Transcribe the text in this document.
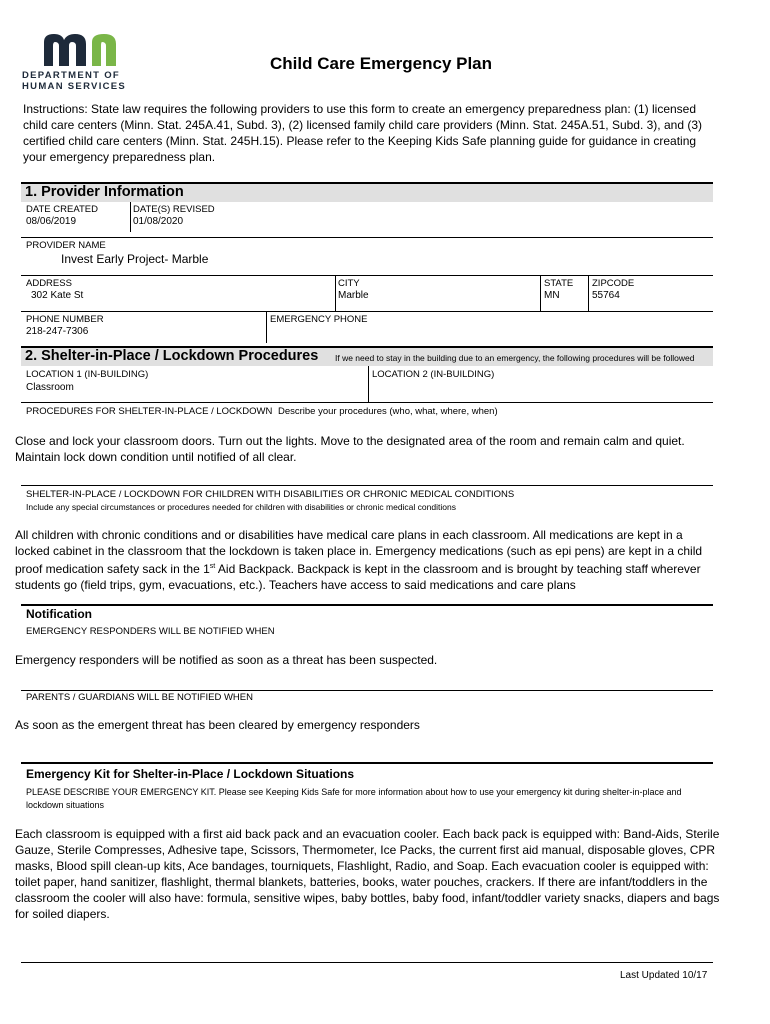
DEPARTMENT OF
HUMAN SERVICES
Child Care Emergency Plan
Instructions: State law requires the following providers to use this form to create an emergency preparedness plan: (1) licensed child care centers (Minn. Stat. 245A.41, Subd. 3), (2) licensed family child care providers (Minn. Stat. 245A.51, Subd. 3), and (3) certified child care centers (Minn. Stat. 245H.15). Please refer to the Keeping Kids Safe planning guide for guidance in creating your emergency preparedness plan.
1. Provider Information
DATE CREATED
08/06/2019
DATE(S) REVISED
01/08/2020
PROVIDER NAME
Invest Early Project- Marble
ADDRESS
302 Kate St
CITY
Marble
STATE
MN
ZIPCODE
55764
PHONE NUMBER
218-247-7306
EMERGENCY PHONE
2. Shelter-in-Place / Lockdown Procedures If we need to stay in the building due to an emergency, the following procedures will be followed
LOCATION 1 (IN-BUILDING)
Classroom
LOCATION 2 (IN-BUILDING)
PROCEDURES FOR SHELTER-IN-PLACE / LOCKDOWN Describe your procedures (who, what, where, when)
Close and lock your classroom doors. Turn out the lights. Move to the designated area of the room and remain calm and quiet. Maintain lock down condition until notified of all clear.
SHELTER-IN-PLACE / LOCKDOWN FOR CHILDREN WITH DISABILITIES OR CHRONIC MEDICAL CONDITIONS
Include any special circumstances or procedures needed for children with disabilities or chronic medical conditions
All children with chronic conditions and or disabilities have medical care plans in each classroom. All medications are kept in a locked cabinet in the classroom that the lockdown is taken place in. Emergency medications (such as epi pens) are kept in a child proof medication safety sack in the 1st Aid Backpack. Backpack is kept in the classroom and is brought by teaching staff wherever students go (field trips, gym, evacuations, etc.). Teachers have access to said medications and care plans
Notification
EMERGENCY RESPONDERS WILL BE NOTIFIED WHEN
Emergency responders will be notified as soon as a threat has been suspected.
PARENTS / GUARDIANS WILL BE NOTIFIED WHEN
As soon as the emergent threat has been cleared by emergency responders
Emergency Kit for Shelter-in-Place / Lockdown Situations
PLEASE DESCRIBE YOUR EMERGENCY KIT. Please see Keeping Kids Safe for more information about how to use your emergency kit during shelter-in-place and lockdown situations
Each classroom is equipped with a first aid back pack and an evacuation cooler. Each back pack is equipped with: Band-Aids, Sterile Gauze, Sterile Compresses, Adhesive tape, Scissors, Thermometer, Ice Packs, the current first aid manual, disposable gloves, CPR masks, Blood spill clean-up kits, Ace bandages, tourniquets, Flashlight, Radio, and Soap. Each evacuation cooler is equipped with: toilet paper, hand sanitizer, flashlight, thermal blankets, batteries, books, water pouches, crackers. If there are infant/toddlers in the classroom the cooler will also have: formula, sensitive wipes, baby bottles, baby food, infant/toddler variety snacks, diapers and bags for soiled diapers.
Last Updated 10/17
